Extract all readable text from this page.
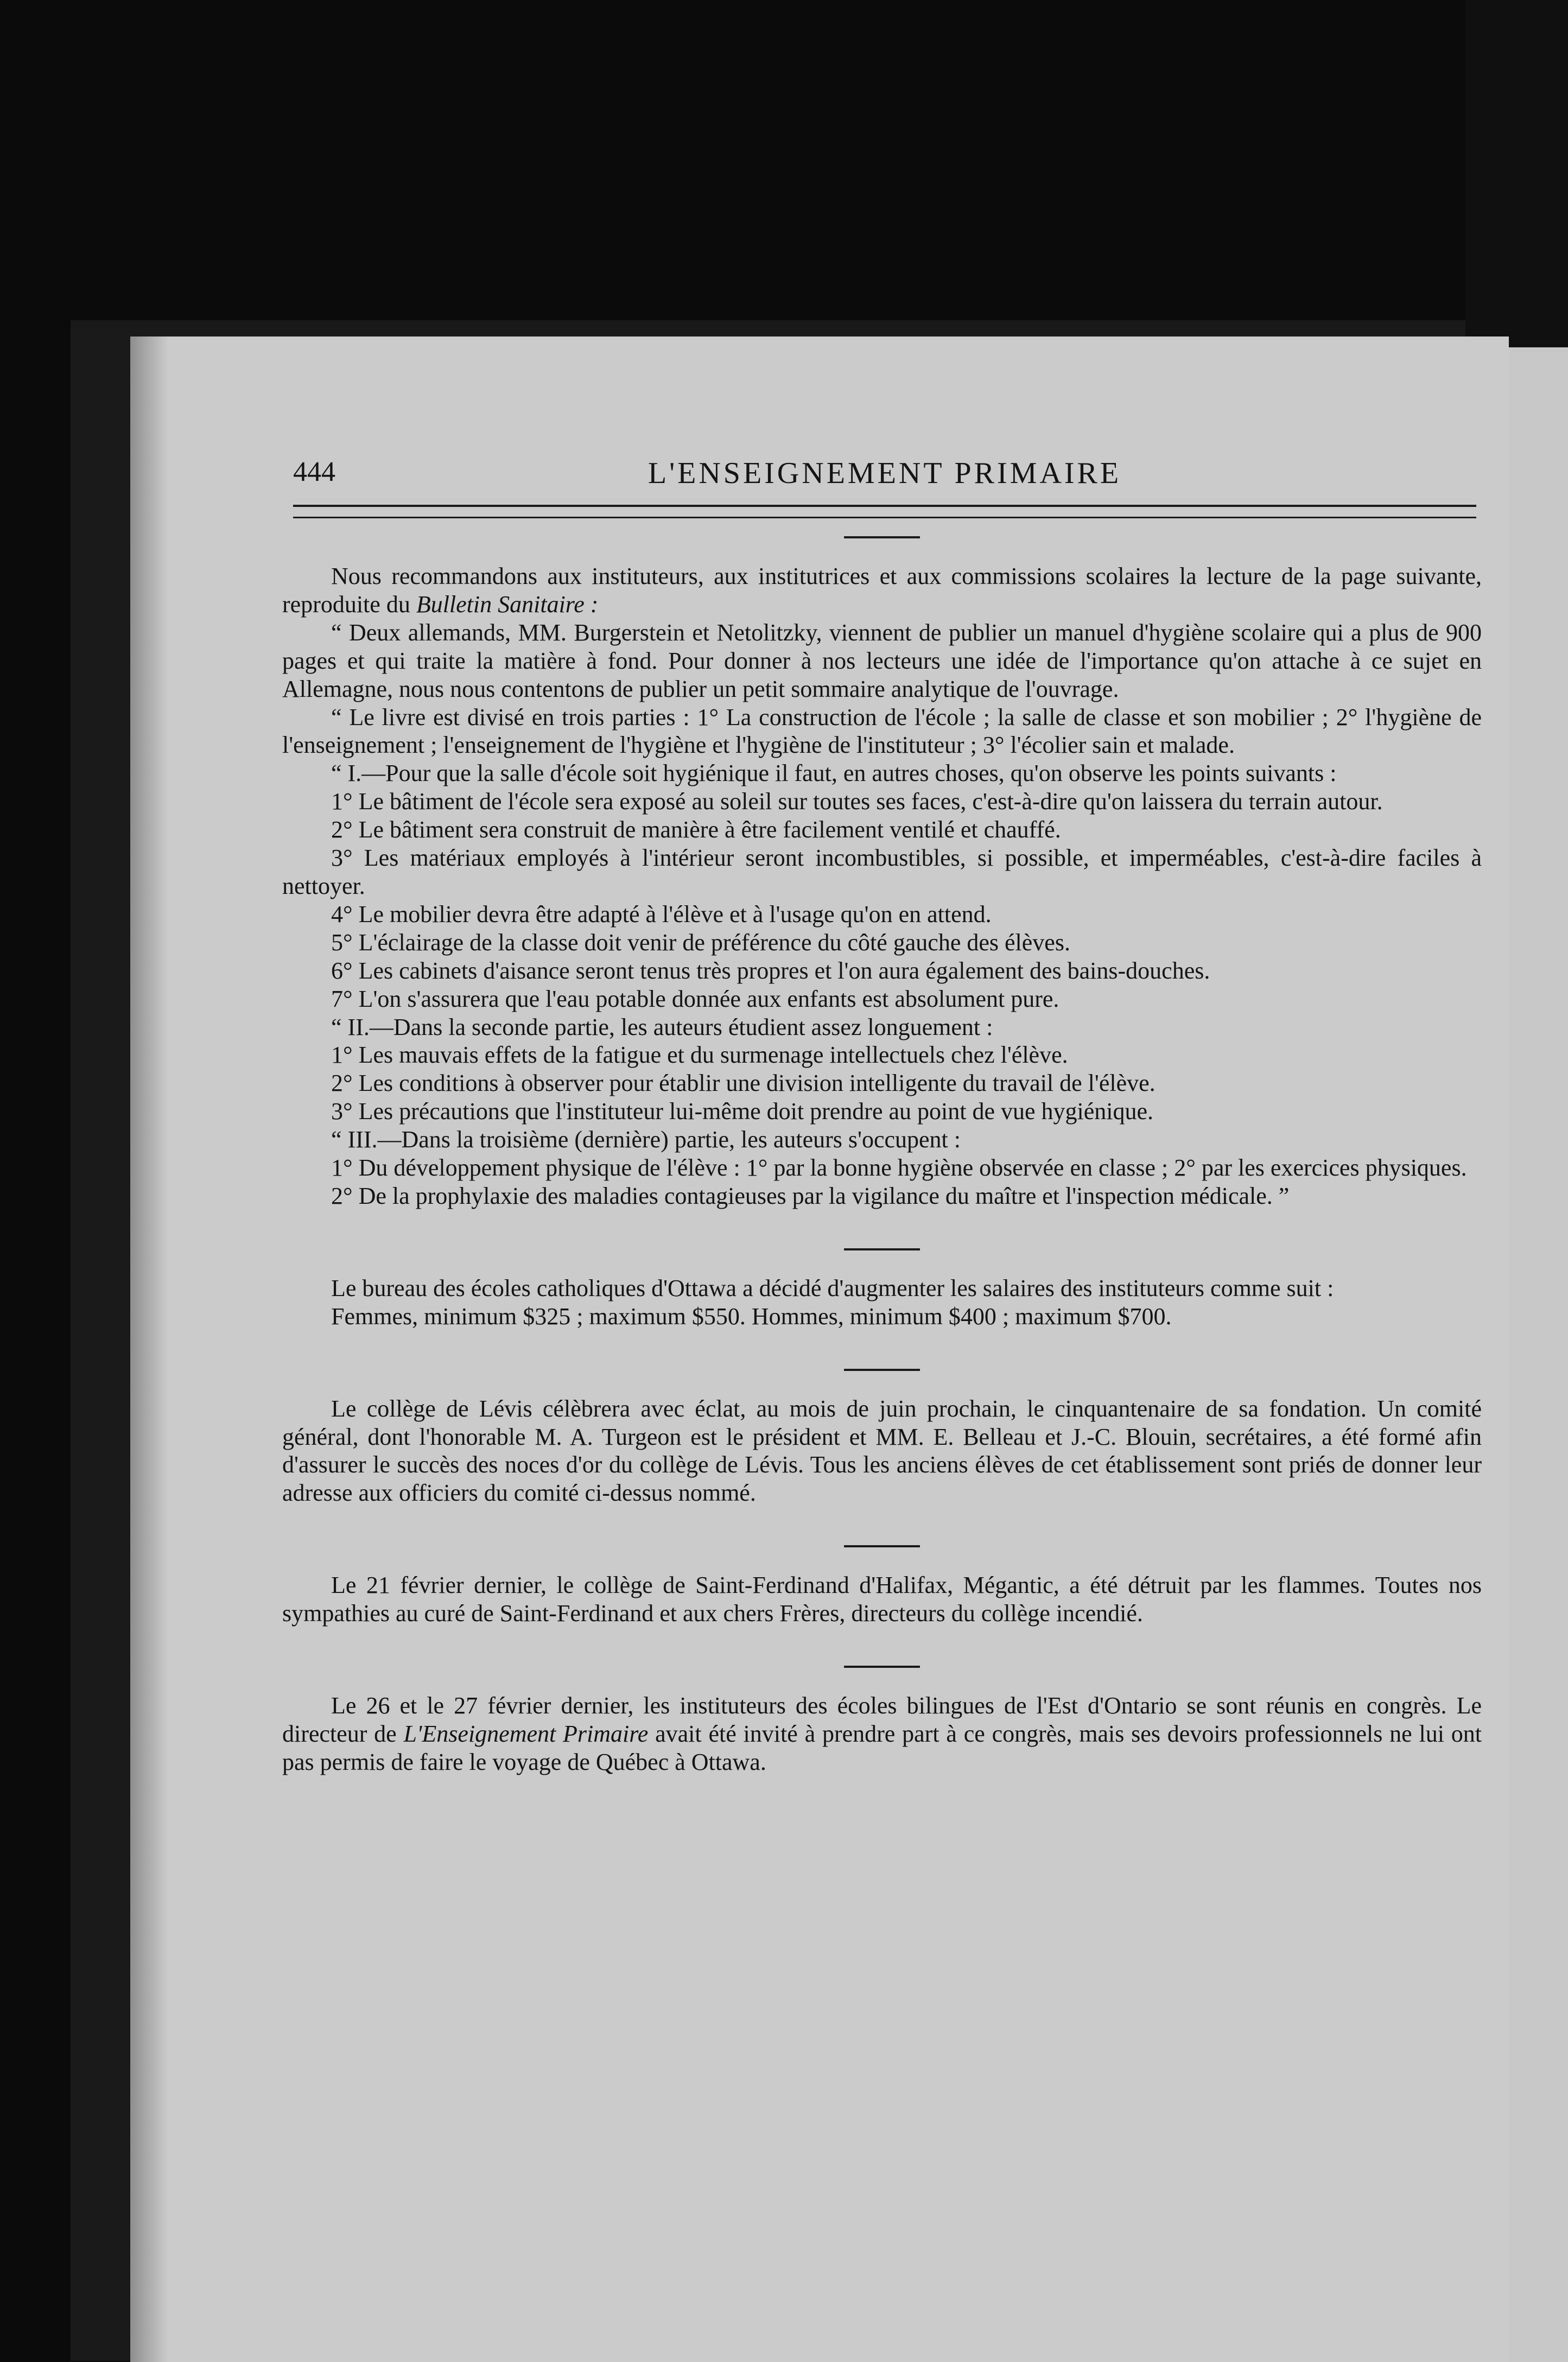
444	L'ENSEIGNEMENT PRIMAIRE

Nous recommandons aux instituteurs, aux institutrices et aux commissions scolaires la lecture de la page suivante, reproduite du Bulletin Sanitaire :

“ Deux allemands, MM. Burgerstein et Netolitzky, viennent de publier un manuel d'hygiène scolaire qui a plus de 900 pages et qui traite la matière à fond. Pour donner à nos lecteurs une idée de l'importance qu'on attache à ce sujet en Allemagne, nous nous contentons de publier un petit sommaire analytique de l'ouvrage.

“ Le livre est divisé en trois parties : 1° La construction de l'école ; la salle de classe et son mobilier ; 2° l'hygiène de l'enseignement ; l'enseignement de l'hygiène et l'hygiène de l'instituteur ; 3° l'écolier sain et malade.

“ I.—Pour que la salle d'école soit hygiénique il faut, en autres choses, qu'on observe les points suivants :

1° Le bâtiment de l'école sera exposé au soleil sur toutes ses faces, c'est-à-dire qu'on laissera du terrain autour.

2° Le bâtiment sera construit de manière à être facilement ventilé et chauffé.

3° Les matériaux employés à l'intérieur seront incombustibles, si possible, et imperméables, c'est-à-dire faciles à nettoyer.

4° Le mobilier devra être adapté à l'élève et à l'usage qu'on en attend.

5° L'éclairage de la classe doit venir de préférence du côté gauche des élèves.

6° Les cabinets d'aisance seront tenus très propres et l'on aura également des bains-douches.

7° L'on s'assurera que l'eau potable donnée aux enfants est absolument pure.

“ II.—Dans la seconde partie, les auteurs étudient assez longuement :

1° Les mauvais effets de la fatigue et du surmenage intellectuels chez l'élève.

2° Les conditions à observer pour établir une division intelligente du travail de l'élève.

3° Les précautions que l'instituteur lui-même doit prendre au point de vue hygiénique.

“ III.—Dans la troisième (dernière) partie, les auteurs s'occupent :

1° Du développement physique de l'élève : 1° par la bonne hygiène observée en classe ; 2° par les exercices physiques.

2° De la prophylaxie des maladies contagieuses par la vigilance du maître et l'inspection médicale. ”

Le bureau des écoles catholiques d'Ottawa a décidé d'augmenter les salaires des instituteurs comme suit :

Femmes, minimum $325 ; maximum $550. Hommes, minimum $400 ; maximum $700.

Le collège de Lévis célèbrera avec éclat, au mois de juin prochain, le cinquantenaire de sa fondation. Un comité général, dont l'honorable M. A. Turgeon est le président et MM. E. Belleau et J.-C. Blouin, secrétaires, a été formé afin d'assurer le succès des noces d'or du collège de Lévis. Tous les anciens élèves de cet établissement sont priés de donner leur adresse aux officiers du comité ci-dessus nommé.

Le 21 février dernier, le collège de Saint-Ferdinand d'Halifax, Mégantic, a été détruit par les flammes. Toutes nos sympathies au curé de Saint-Ferdinand et aux chers Frères, directeurs du collège incendié.

Le 26 et le 27 février dernier, les instituteurs des écoles bilingues de l'Est d'Ontario se sont réunis en congrès. Le directeur de L'Enseignement Primaire avait été invité à prendre part à ce congrès, mais ses devoirs professionnels ne lui ont pas permis de faire le voyage de Québec à Ottawa.
